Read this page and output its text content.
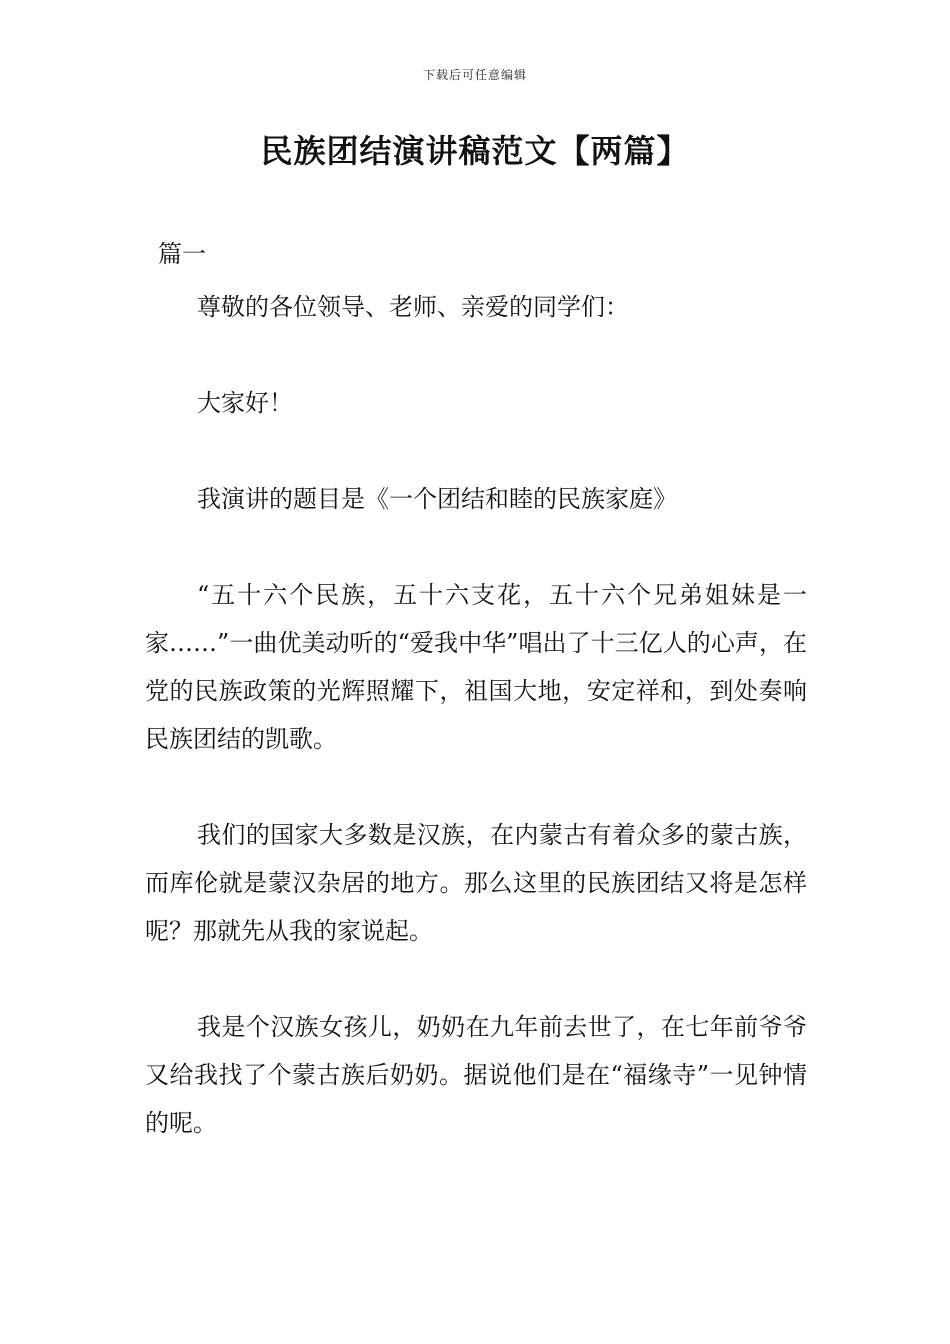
下载后可任意编辑
民族团结演讲稿范文【两篇】
篇一

尊敬的各位领导、老师、亲爱的同学们：

大家好！

我演讲的题目是《一个团结和睦的民族家庭》

“五十六个民族，五十六支花，五十六个兄弟姐妹是一家……”一曲优美动听的“爱我中华”唱出了十三亿人的心声，在党的民族政策的光辉照耀下，祖国大地，安定祥和，到处奏响民族团结的凯歌。

我们的国家大多数是汉族，在内蒙古有着众多的蒙古族，而库伦就是蒙汉杂居的地方。那么这里的民族团结又将是怎样呢？那就先从我的家说起。

我是个汉族女孩儿，奶奶在九年前去世了，在七年前爷爷又给我找了个蒙古族后奶奶。据说他们是在“福缘寺”一见钟情的呢。
